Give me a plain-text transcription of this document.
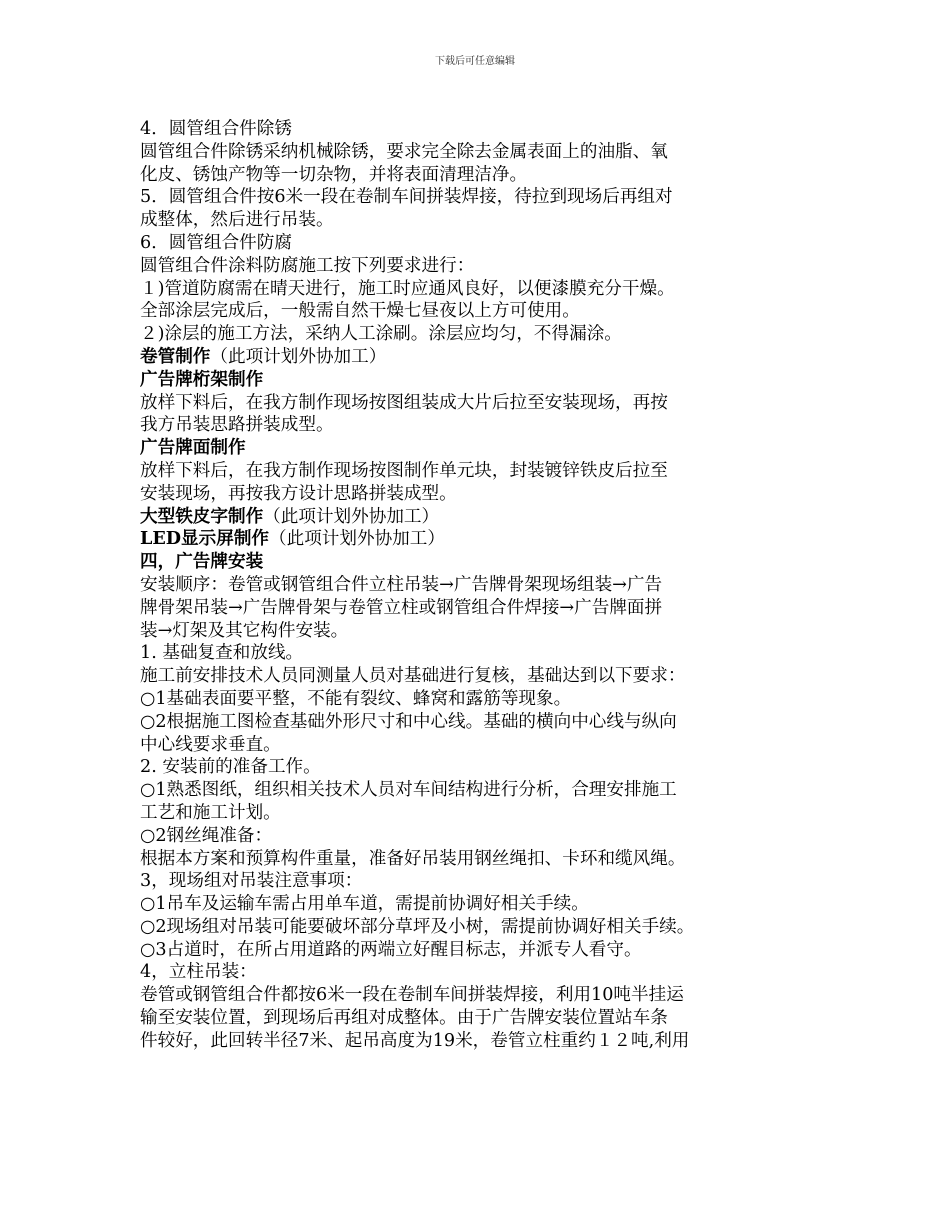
下载后可任意编辑
4．圆管组合件除锈
圆管组合件除锈采纳机械除锈，要求完全除去金属表面上的油脂、氧
化皮、锈蚀产物等一切杂物，并将表面清理洁净。
5．圆管组合件按6米一段在卷制车间拼装焊接，待拉到现场后再组对
成整体，然后进行吊装。
6．圆管组合件防腐
圆管组合件涂料防腐施工按下列要求进行：
１)管道防腐需在晴天进行，施工时应通风良好，以便漆膜充分干燥。
全部涂层完成后，一般需自然干燥七昼夜以上方可使用。
２)涂层的施工方法，采纳人工涂刷。涂层应均匀，不得漏涂。
卷管制作（此项计划外协加工）
广告牌桁架制作
放样下料后，在我方制作现场按图组装成大片后拉至安装现场，再按
我方吊装思路拼装成型。
广告牌面制作
放样下料后，在我方制作现场按图制作单元块，封装镀锌铁皮后拉至
安装现场，再按我方设计思路拼装成型。
大型铁皮字制作（此项计划外协加工）
LED显示屏制作（此项计划外协加工）
四，广告牌安装
安装顺序：卷管或钢管组合件立柱吊装→广告牌骨架现场组装→广告
牌骨架吊装→广告牌骨架与卷管立柱或钢管组合件焊接→广告牌面拼
装→灯架及其它构件安装。
1. 基础复查和放线。
施工前安排技术人员同测量人员对基础进行复核，基础达到以下要求：
○1基础表面要平整，不能有裂纹、蜂窝和露筋等现象。
○2根据施工图检查基础外形尺寸和中心线。基础的横向中心线与纵向
中心线要求垂直。
2. 安装前的准备工作。
○1熟悉图纸，组织相关技术人员对车间结构进行分析，合理安排施工
工艺和施工计划。
○2钢丝绳准备：
根据本方案和预算构件重量，准备好吊装用钢丝绳扣、卡环和缆风绳。
3，现场组对吊装注意事项：
○1吊车及运输车需占用单车道，需提前协调好相关手续。
○2现场组对吊装可能要破坏部分草坪及小树，需提前协调好相关手续。
○3占道时，在所占用道路的两端立好醒目标志，并派专人看守。
4，立柱吊装：
卷管或钢管组合件都按6米一段在卷制车间拼装焊接，利用10吨半挂运
输至安装位置，到现场后再组对成整体。由于广告牌安装位置站车条
件较好，此回转半径7米、起吊高度为19米，卷管立柱重约１２吨,利用
